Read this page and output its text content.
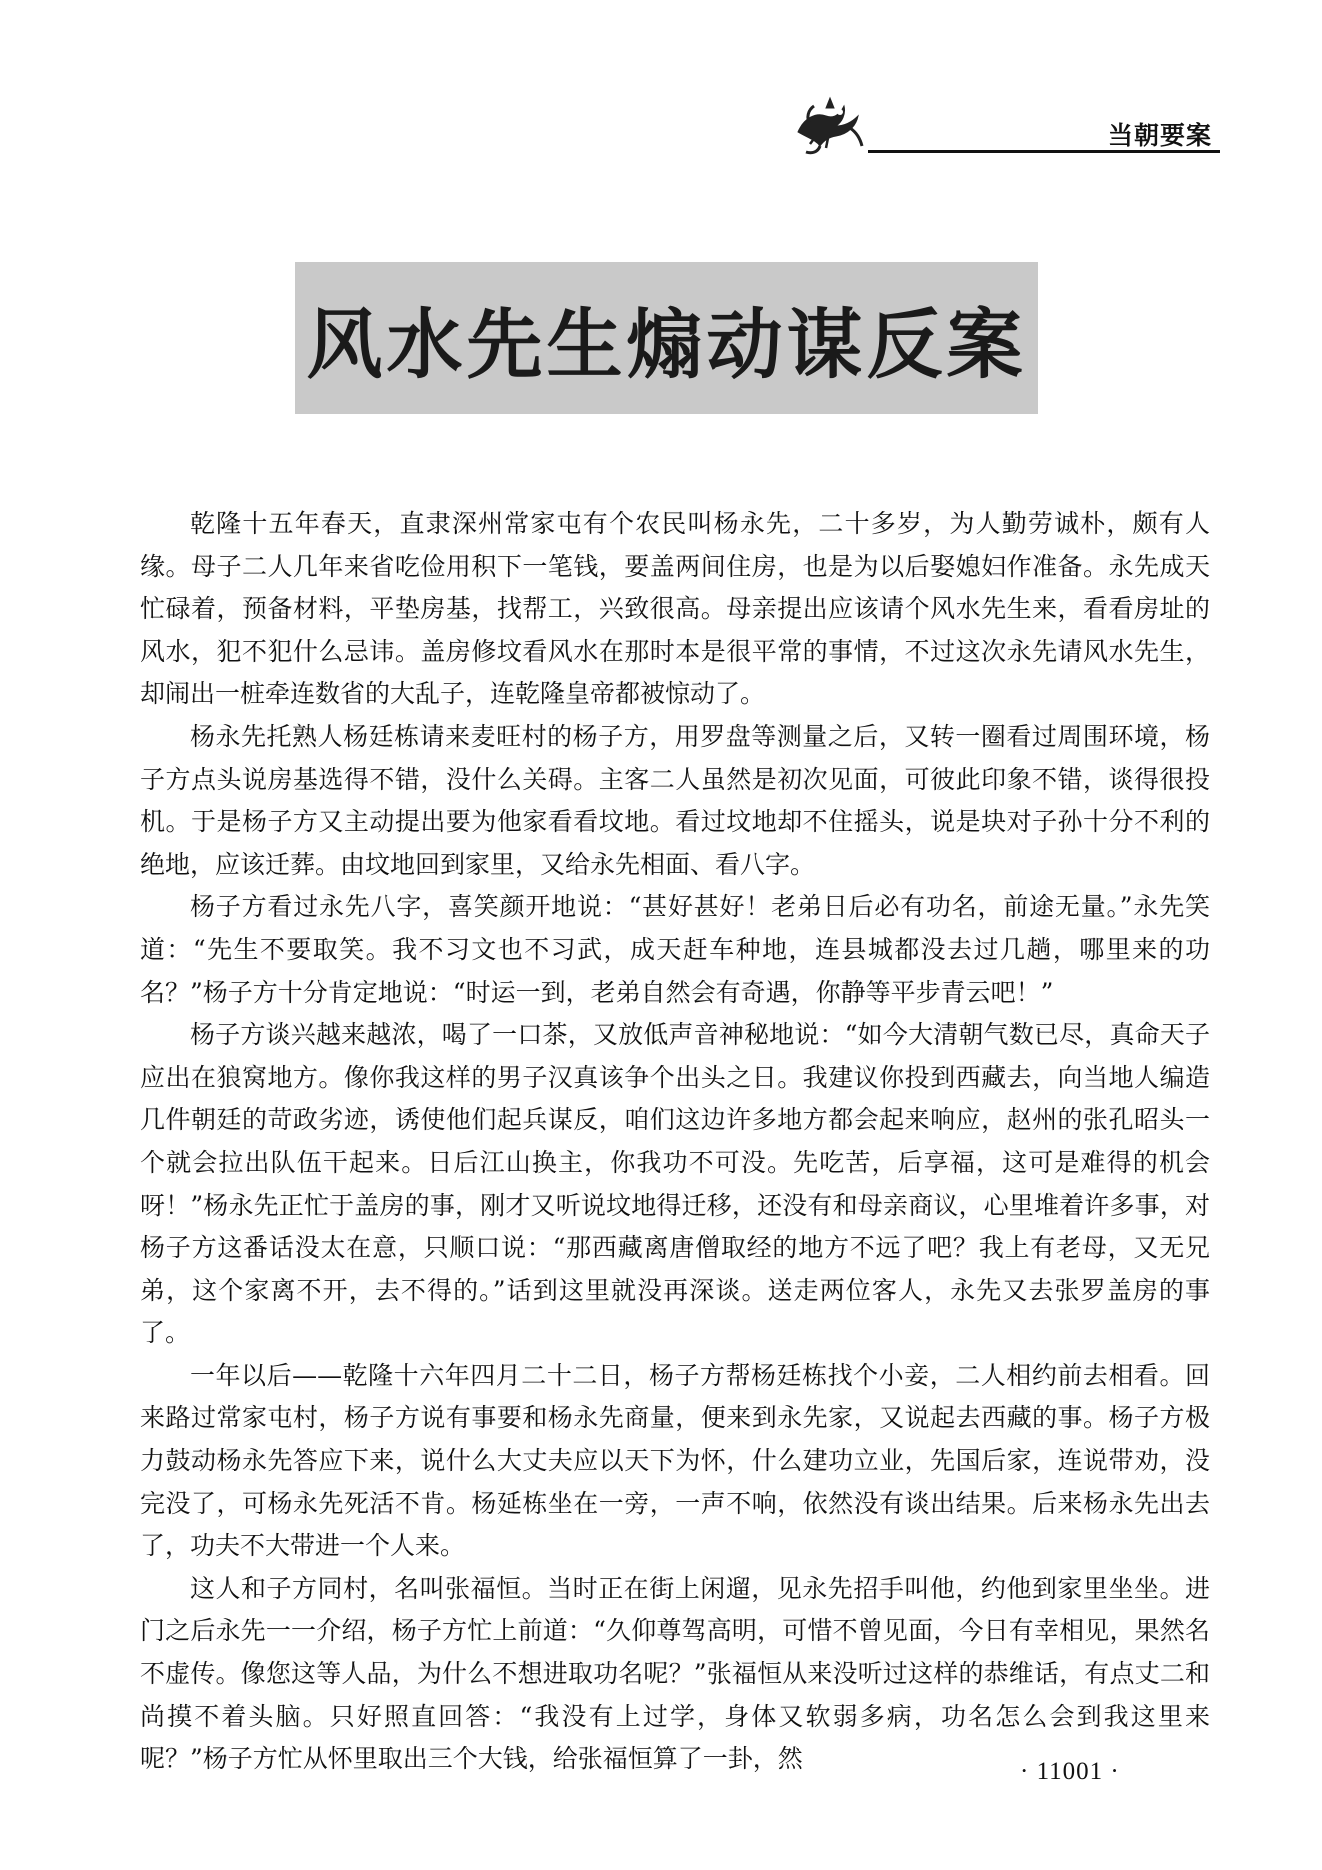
当朝要案
风水先生煽动谋反案

乾隆十五年春天，直隶深州常家屯有个农民叫杨永先，二十多岁，为人勤劳诚朴，颇有人缘。母子二人几年来省吃俭用积下一笔钱，要盖两间住房，也是为以后娶媳妇作准备。永先成天忙碌着，预备材料，平垫房基，找帮工，兴致很高。母亲提出应该请个风水先生来，看看房址的风水，犯不犯什么忌讳。盖房修坟看风水在那时本是很平常的事情，不过这次永先请风水先生，却闹出一桩牵连数省的大乱子，连乾隆皇帝都被惊动了。

杨永先托熟人杨廷栋请来麦旺村的杨子方，用罗盘等测量之后，又转一圈看过周围环境，杨子方点头说房基选得不错，没什么关碍。主客二人虽然是初次见面，可彼此印象不错，谈得很投机。于是杨子方又主动提出要为他家看看坟地。看过坟地却不住摇头，说是块对子孙十分不利的绝地，应该迁葬。由坟地回到家里，又给永先相面、看八字。

杨子方看过永先八字，喜笑颜开地说：“甚好甚好！老弟日后必有功名，前途无量。”永先笑道：“先生不要取笑。我不习文也不习武，成天赶车种地，连县城都没去过几趟，哪里来的功名？”杨子方十分肯定地说：“时运一到，老弟自然会有奇遇，你静等平步青云吧！”

杨子方谈兴越来越浓，喝了一口茶，又放低声音神秘地说：“如今大清朝气数已尽，真命天子应出在狼窝地方。像你我这样的男子汉真该争个出头之日。我建议你投到西藏去，向当地人编造几件朝廷的苛政劣迹，诱使他们起兵谋反，咱们这边许多地方都会起来响应，赵州的张孔昭头一个就会拉出队伍干起来。日后江山换主，你我功不可没。先吃苦，后享福，这可是难得的机会呀！”杨永先正忙于盖房的事，刚才又听说坟地得迁移，还没有和母亲商议，心里堆着许多事，对杨子方这番话没太在意，只顺口说：“那西藏离唐僧取经的地方不远了吧？我上有老母，又无兄弟，这个家离不开，去不得的。”话到这里就没再深谈。送走两位客人，永先又去张罗盖房的事了。

一年以后——乾隆十六年四月二十二日，杨子方帮杨廷栋找个小妾，二人相约前去相看。回来路过常家屯村，杨子方说有事要和杨永先商量，便来到永先家，又说起去西藏的事。杨子方极力鼓动杨永先答应下来，说什么大丈夫应以天下为怀，什么建功立业，先国后家，连说带劝，没完没了，可杨永先死活不肯。杨延栋坐在一旁，一声不响，依然没有谈出结果。后来杨永先出去了，功夫不大带进一个人来。

这人和子方同村，名叫张福恒。当时正在街上闲遛，见永先招手叫他，约他到家里坐坐。进门之后永先一一介绍，杨子方忙上前道：“久仰尊驾高明，可惜不曾见面，今日有幸相见，果然名不虚传。像您这等人品，为什么不想进取功名呢？”张福恒从来没听过这样的恭维话，有点丈二和尚摸不着头脑。只好照直回答：“我没有上过学，身体又软弱多病，功名怎么会到我这里来呢？”杨子方忙从怀里取出三个大钱，给张福恒算了一卦，然	· 11001 ·
